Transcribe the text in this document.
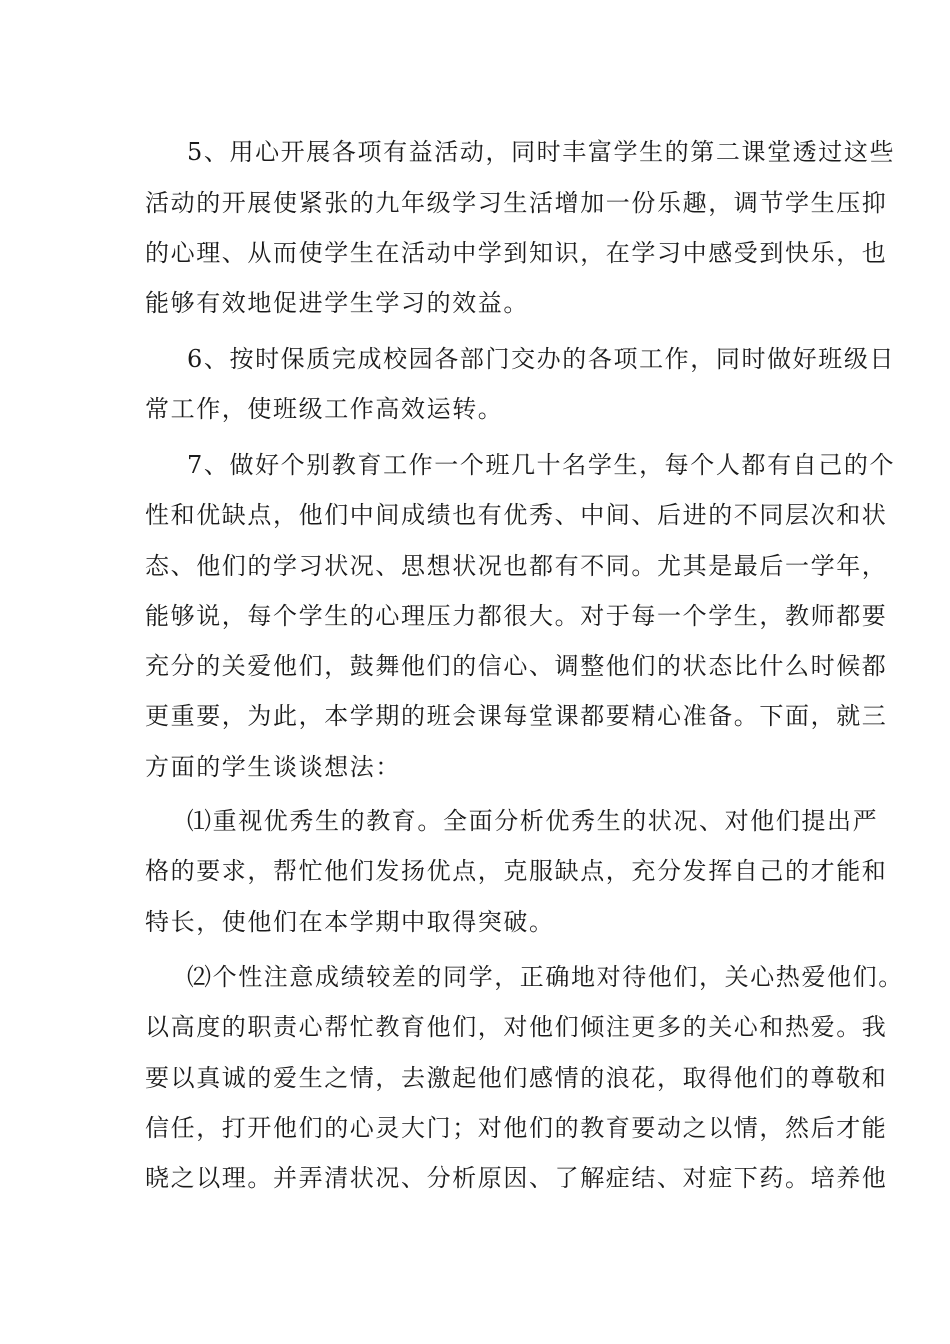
5、用心开展各项有益活动，同时丰富学生的第二课堂透过这些
活动的开展使紧张的九年级学习生活增加一份乐趣，调节学生压抑
的心理、从而使学生在活动中学到知识，在学习中感受到快乐，也
能够有效地促进学生学习的效益。
6、按时保质完成校园各部门交办的各项工作，同时做好班级日
常工作，使班级工作高效运转。
7、做好个别教育工作一个班几十名学生，每个人都有自己的个
性和优缺点，他们中间成绩也有优秀、中间、后进的不同层次和状
态、他们的学习状况、思想状况也都有不同。尤其是最后一学年，
能够说，每个学生的心理压力都很大。对于每一个学生，教师都要
充分的关爱他们，鼓舞他们的信心、调整他们的状态比什么时候都
更重要，为此，本学期的班会课每堂课都要精心准备。下面，就三
方面的学生谈谈想法：
⑴重视优秀生的教育。全面分析优秀生的状况、对他们提出严
格的要求，帮忙他们发扬优点，克服缺点，充分发挥自己的才能和
特长，使他们在本学期中取得突破。
⑵个性注意成绩较差的同学，正确地对待他们，关心热爱他们。
以高度的职责心帮忙教育他们，对他们倾注更多的关心和热爱。我
要以真诚的爱生之情，去激起他们感情的浪花，取得他们的尊敬和
信任，打开他们的心灵大门；对他们的教育要动之以情，然后才能
晓之以理。并弄清状况、分析原因、了解症结、对症下药。培养他
